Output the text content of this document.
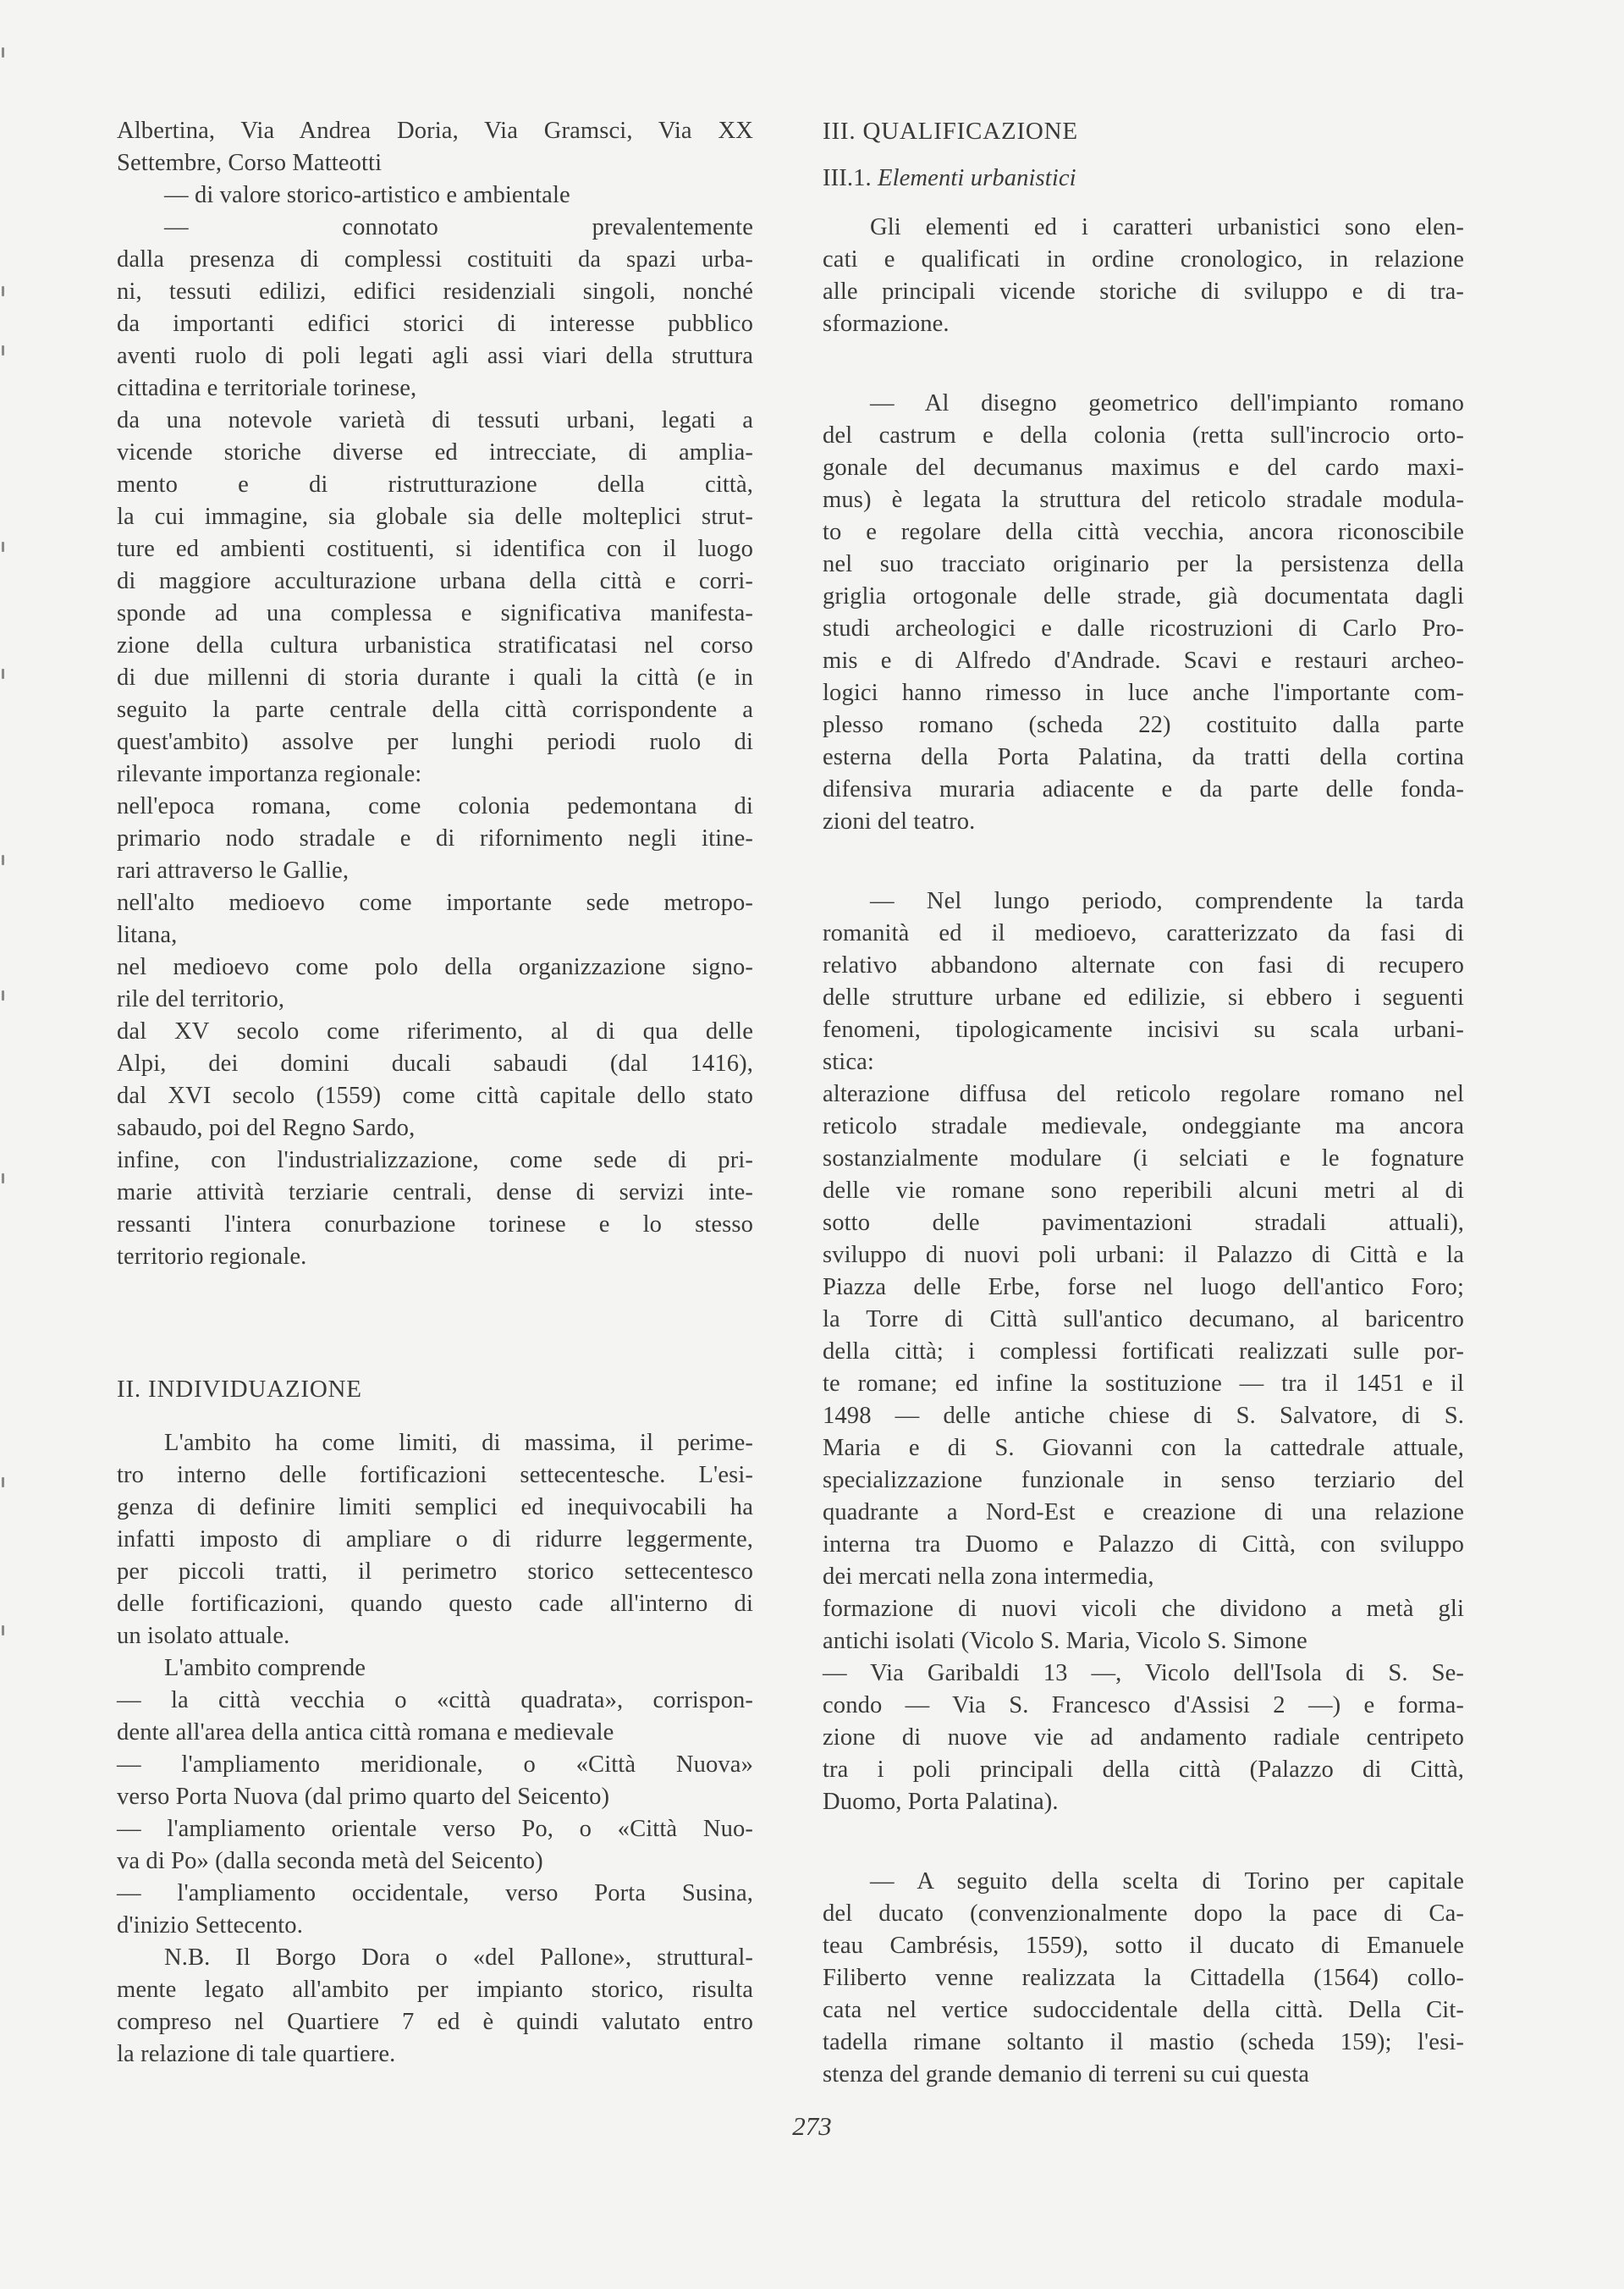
Albertina, Via Andrea Doria, Via Gramsci, Via XX

Settembre, Corso Matteotti

— di valore storico-artistico e ambientale

— connotato prevalentemente

dalla presenza di complessi costituiti da spazi urba-

ni, tessuti edilizi, edifici residenziali singoli, nonché

da importanti edifici storici di interesse pubblico

aventi ruolo di poli legati agli assi viari della struttura

cittadina e territoriale torinese,

da una notevole varietà di tessuti urbani, legati a

vicende storiche diverse ed intrecciate, di amplia-

mento e di ristrutturazione della città,

la cui immagine, sia globale sia delle molteplici strut-

ture ed ambienti costituenti, si identifica con il luogo

di maggiore acculturazione urbana della città e corri-

sponde ad una complessa e significativa manifesta-

zione della cultura urbanistica stratificatasi nel corso

di due millenni di storia durante i quali la città (e in

seguito la parte centrale della città corrispondente a

quest'ambito) assolve per lunghi periodi ruolo di

rilevante importanza regionale:

nell'epoca romana, come colonia pedemontana di

primario nodo stradale e di rifornimento negli itine-

rari attraverso le Gallie,

nell'alto medioevo come importante sede metropo-

litana,

nel medioevo come polo della organizzazione signo-

rile del territorio,

dal XV secolo come riferimento, al di qua delle

Alpi, dei domini ducali sabaudi (dal 1416),

dal XVI secolo (1559) come città capitale dello stato

sabaudo, poi del Regno Sardo,

infine, con l'industrializzazione, come sede di pri-

marie attività terziarie centrali, dense di servizi inte-

ressanti l'intera conurbazione torinese e lo stesso

territorio regionale.

II. INDIVIDUAZIONE

L'ambito ha come limiti, di massima, il perime-

tro interno delle fortificazioni settecentesche. L'esi-

genza di definire limiti semplici ed inequivocabili ha

infatti imposto di ampliare o di ridurre leggermente,

per piccoli tratti, il perimetro storico settecentesco

delle fortificazioni, quando questo cade all'interno di

un isolato attuale.

L'ambito comprende

— la città vecchia o «città quadrata», corrispon-

dente all'area della antica città romana e medievale

— l'ampliamento meridionale, o «Città Nuova»

verso Porta Nuova (dal primo quarto del Seicento)

— l'ampliamento orientale verso Po, o «Città Nuo-

va di Po» (dalla seconda metà del Seicento)

— l'ampliamento occidentale, verso Porta Susina,

d'inizio Settecento.

N.B. Il Borgo Dora o «del Pallone», struttural-

mente legato all'ambito per impianto storico, risulta

compreso nel Quartiere 7 ed è quindi valutato entro

la relazione di tale quartiere.

III. QUALIFICAZIONE

III.1. Elementi urbanistici

Gli elementi ed i caratteri urbanistici sono elen-

cati e qualificati in ordine cronologico, in relazione

alle principali vicende storiche di sviluppo e di tra-

sformazione.

— Al disegno geometrico dell'impianto romano

del castrum e della colonia (retta sull'incrocio orto-

gonale del decumanus maximus e del cardo maxi-

mus) è legata la struttura del reticolo stradale modula-

to e regolare della città vecchia, ancora riconoscibile

nel suo tracciato originario per la persistenza della

griglia ortogonale delle strade, già documentata dagli

studi archeologici e dalle ricostruzioni di Carlo Pro-

mis e di Alfredo d'Andrade. Scavi e restauri archeo-

logici hanno rimesso in luce anche l'importante com-

plesso romano (scheda 22) costituito dalla parte

esterna della Porta Palatina, da tratti della cortina

difensiva muraria adiacente e da parte delle fonda-

zioni del teatro.

— Nel lungo periodo, comprendente la tarda

romanità ed il medioevo, caratterizzato da fasi di

relativo abbandono alternate con fasi di recupero

delle strutture urbane ed edilizie, si ebbero i seguenti

fenomeni, tipologicamente incisivi su scala urbani-

stica:

alterazione diffusa del reticolo regolare romano nel

reticolo stradale medievale, ondeggiante ma ancora

sostanzialmente modulare (i selciati e le fognature

delle vie romane sono reperibili alcuni metri al di

sotto delle pavimentazioni stradali attuali),

sviluppo di nuovi poli urbani: il Palazzo di Città e la

Piazza delle Erbe, forse nel luogo dell'antico Foro;

la Torre di Città sull'antico decumano, al baricentro

della città; i complessi fortificati realizzati sulle por-

te romane; ed infine la sostituzione — tra il 1451 e il

1498 — delle antiche chiese di S. Salvatore, di S.

Maria e di S. Giovanni con la cattedrale attuale,

specializzazione funzionale in senso terziario del

quadrante a Nord-Est e creazione di una relazione

interna tra Duomo e Palazzo di Città, con sviluppo

dei mercati nella zona intermedia,

formazione di nuovi vicoli che dividono a metà gli

antichi isolati (Vicolo S. Maria, Vicolo S. Simone

— Via Garibaldi 13 —, Vicolo dell'Isola di S. Se-

condo — Via S. Francesco d'Assisi 2 —) e forma-

zione di nuove vie ad andamento radiale centripeto

tra i poli principali della città (Palazzo di Città,

Duomo, Porta Palatina).

— A seguito della scelta di Torino per capitale

del ducato (convenzionalmente dopo la pace di Ca-

teau Cambrésis, 1559), sotto il ducato di Emanuele

Filiberto venne realizzata la Cittadella (1564) collo-

cata nel vertice sudoccidentale della città. Della Cit-

tadella rimane soltanto il mastio (scheda 159); l'esi-

stenza del grande demanio di terreni su cui questa

273
